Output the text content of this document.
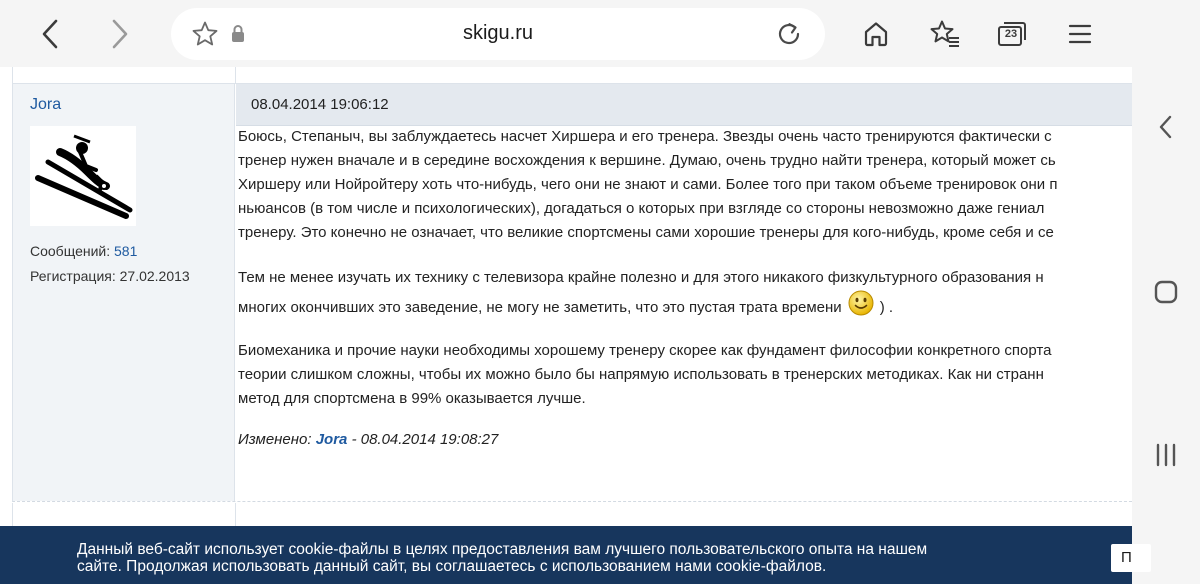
skigu.ru	23
Jora
Сообщений: 581
Регистрация: 27.02.2013
08.04.2014 19:06:12

Боюсь, Степаныч, вы заблуждаетесь насчет Хиршера и его тренера. Звезды очень часто тренируются фактически с
тренер нужен вначале и в середине восхождения к вершине. Думаю, очень трудно найти тренера, который может сь
Хиршеру или Нойройтеру хоть что-нибудь, чего они не знают и сами. Более того при таком объеме тренировок они п
ньюансов (в том числе и психологических), догадаться о которых при взгляде со стороны невозможно даже гениал
тренеру. Это конечно не означает, что великие спортсмены сами хорошие тренеры для кого-нибудь, кроме себя и се

Тем не менее изучать их технику с телевизора крайне полезно и для этого никакого физкультурного образования н
многих окончивших это заведение, не могу не заметить, что это пустая трата времени	) .

Биомеханика и прочие науки необходимы хорошему тренеру скорее как фундамент философии конкретного спорта
теории слишком сложны, чтобы их можно было бы напрямую использовать в тренерских методиках. Как ни странн
метод для спортсмена в 99% оказывается лучше.

Изменено: Jora - 08.04.2014 19:08:27
Данный веб-сайт использует cookie-файлы в целях предоставления вам лучшего пользовательского опыта на нашем
сайте. Продолжая использовать данный сайт, вы соглашаетесь с использованием нами cookie-файлов.
П
